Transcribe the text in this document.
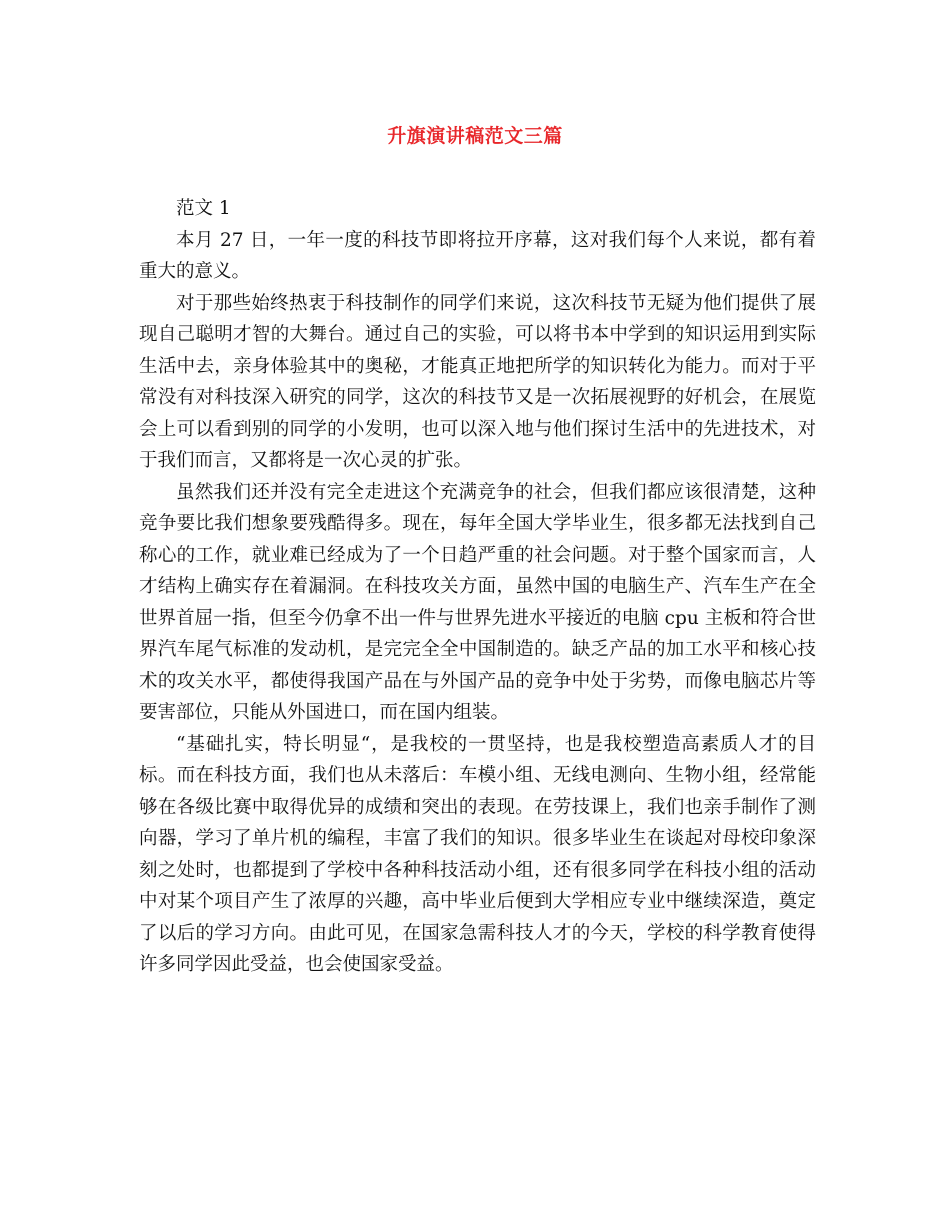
升旗演讲稿范文三篇
范文 1

本月 27 日，一年一度的科技节即将拉开序幕，这对我们每个人来说，都有着重大的意义。

对于那些始终热衷于科技制作的同学们来说，这次科技节无疑为他们提供了展现自己聪明才智的大舞台。通过自己的实验，可以将书本中学到的知识运用到实际生活中去，亲身体验其中的奥秘，才能真正地把所学的知识转化为能力。而对于平常没有对科技深入研究的同学，这次的科技节又是一次拓展视野的好机会，在展览会上可以看到别的同学的小发明，也可以深入地与他们探讨生活中的先进技术，对于我们而言，又都将是一次心灵的扩张。

虽然我们还并没有完全走进这个充满竞争的社会，但我们都应该很清楚，这种竞争要比我们想象要残酷得多。现在，每年全国大学毕业生，很多都无法找到自己称心的工作，就业难已经成为了一个日趋严重的社会问题。对于整个国家而言，人才结构上确实存在着漏洞。在科技攻关方面，虽然中国的电脑生产、汽车生产在全世界首屈一指，但至今仍拿不出一件与世界先进水平接近的电脑 cpu 主板和符合世界汽车尾气标准的发动机，是完完全全中国制造的。缺乏产品的加工水平和核心技术的攻关水平，都使得我国产品在与外国产品的竞争中处于劣势，而像电脑芯片等要害部位，只能从外国进口，而在国内组装。

“基础扎实，特长明显“，是我校的一贯坚持，也是我校塑造高素质人才的目标。而在科技方面，我们也从未落后：车模小组、无线电测向、生物小组，经常能够在各级比赛中取得优异的成绩和突出的表现。在劳技课上，我们也亲手制作了测向器，学习了单片机的编程，丰富了我们的知识。很多毕业生在谈起对母校印象深刻之处时，也都提到了学校中各种科技活动小组，还有很多同学在科技小组的活动中对某个项目产生了浓厚的兴趣，高中毕业后便到大学相应专业中继续深造，奠定了以后的学习方向。由此可见，在国家急需科技人才的今天，学校的科学教育使得许多同学因此受益，也会使国家受益。
